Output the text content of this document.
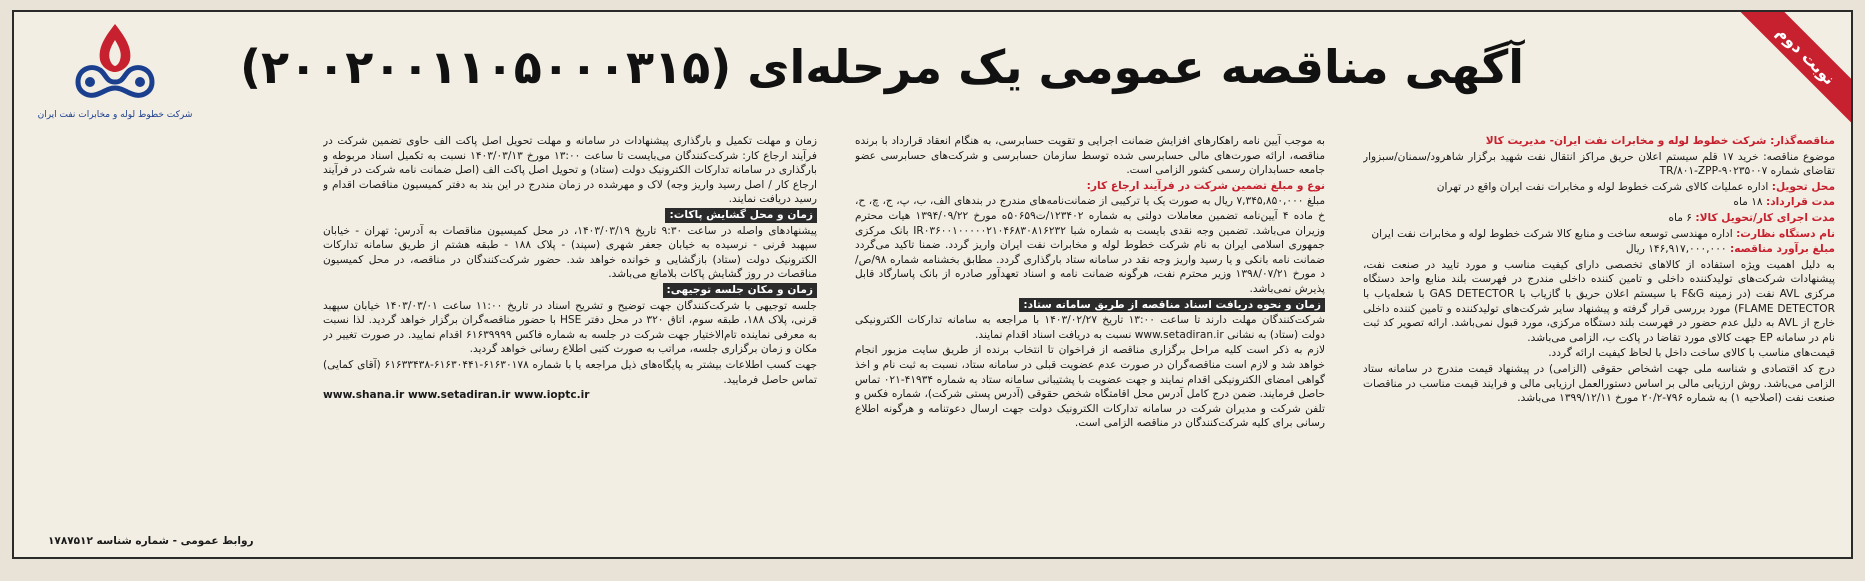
نوبت دوم
شرکت خطوط لوله و مخابرات نفت ایران
آگهی مناقصه عمومی یک مرحله‌ای (۲۰۰۲۰۰۱۱۰۵۰۰۰۳۱۵)

مناقصه‌گذار: شرکت خطوط لوله و مخابرات نفت ایران- مدیریت کالا

موضوع مناقصه: خرید ۱۷ قلم سیستم اعلان حریق مراکز انتقال نفت شهید برگزار شاهرود/سمنان/سبزوار تقاضای شماره ۹۰۲۳۵۰۰۷-TR/۸۰۱-ZPP

محل تحویل: اداره عملیات کالای شرکت خطوط لوله و مخابرات نفت ایران واقع در تهران

مدت قرارداد: ۱۸ ماه

مدت اجرای کار/تحویل کالا: ۶ ماه

نام دستگاه نظارت: اداره مهندسی توسعه ساخت و منابع کالا شرکت خطوط لوله و مخابرات نفت ایران

مبلغ برآورد مناقصه: ۱۴۶,۹۱۷,۰۰۰,۰۰۰ ریال

به دلیل اهمیت ویژه استفاده از کالاهای تخصصی دارای کیفیت مناسب و مورد تایید در صنعت نفت، پیشنهادات شرکت‌های تولیدکننده داخلی و تامین کننده داخلی مندرج در فهرست بلند منابع واحد دستگاه مرکزی AVL نفت (در زمینه F&G با سیستم اعلان حریق با گازیاب با GAS DETECTOR با شعله‌یاب با FLAME DETECTOR) مورد بررسی قرار گرفته و پیشنهاد سایر شرکت‌های تولیدکننده و تامین کننده داخلی خارج از AVL به دلیل عدم حضور در فهرست بلند دستگاه مرکزی، مورد قبول نمی‌باشد. ارائه تصویر کد ثبت نام در سامانه EP جهت کالای مورد تقاضا در پاکت ب، الزامی می‌باشد.

قیمت‌های مناسب با کالای ساخت داخل با لحاظ کیفیت ارائه گردد.

درج کد اقتصادی و شناسه ملی جهت اشخاص حقوقی (الزامی) در پیشنهاد قیمت مندرج در سامانه ستاد الزامی می‌باشد. روش ارزیابی مالی بر اساس دستورالعمل ارزیابی مالی و فرایند قیمت مناسب در مناقصات صنعت نفت (اصلاحیه ۱) به شماره ۷۹۶-۲۰/۲ مورخ ۱۳۹۹/۱۲/۱۱ می‌باشد.

به موجب آیین نامه راهکارهای افزایش ضمانت اجرایی و تقویت حسابرسی، به هنگام انعقاد قرارداد با برنده مناقصه، ارائه صورت‌های مالی حسابرسی شده توسط سازمان حسابرسی و شرکت‌های حسابرسی عضو جامعه حسابداران رسمی کشور الزامی است.

نوع و مبلغ تضمین شرکت در فرآیند ارجاع کار:

مبلغ ۷,۳۴۵,۸۵۰,۰۰۰ ریال به صورت یک یا ترکیبی از ضمانت‌نامه‌های مندرج در بندهای الف، ب، پ، ج، چ، ح، خ ماده ۴ آیین‌نامه تضمین معاملات دولتی به شماره ۱۲۳۴۰۲/ت۵۰۶۵۹ه مورخ ۱۳۹۴/۰۹/۲۲ هیات محترم وزیران می‌باشد. تضمین وجه نقدی بایست به شماره شبا IR۰۳۶۰۰۱۰۰۰۰۰۲۱۰۴۶۸۳۰۸۱۶۲۳۲ بانک مرکزی جمهوری اسلامی ایران به نام شرکت خطوط لوله و مخابرات نفت ایران واریز گردد. ضمنا تاکید می‌گردد ضمانت نامه بانکی و یا رسید واریز وجه نقد در سامانه ستاد بارگذاری گردد. مطابق بخشنامه شماره ۹۸/ص/د مورخ ۱۳۹۸/۰۷/۲۱ وزیر محترم نفت، هرگونه ضمانت نامه و اسناد تعهدآور صادره از بانک پاسارگاد قابل پذیرش نمی‌باشد.

زمان و نحوه دریافت اسناد مناقصه از طریق سامانه ستاد:

شرکت‌کنندگان مهلت دارند تا ساعت ۱۳:۰۰ تاریخ ۱۴۰۳/۰۲/۲۷ با مراجعه به سامانه تدارکات الکترونیکی دولت (ستاد) به نشانی www.setadiran.ir نسبت به دریافت اسناد اقدام نمایند.

لازم به ذکر است کلیه مراحل برگزاری مناقصه از فراخوان تا انتخاب برنده از طریق سایت مزبور انجام خواهد شد و لازم است مناقصه‌گران در صورت عدم عضویت قبلی در سامانه ستاد، نسبت به ثبت نام و اخذ گواهی امضای الکترونیکی اقدام نمایند و جهت عضویت با پشتیبانی سامانه ستاد به شماره ۴۱۹۳۴-۰۲۱ تماس حاصل فرمایند. ضمن درج کامل آدرس محل اقامتگاه شخص حقوقی (آدرس پستی شرکت)، شماره فکس و تلفن شرکت و مدیران شرکت در سامانه تدارکات الکترونیک دولت جهت ارسال دعوتنامه و هرگونه اطلاع رسانی برای کلیه شرکت‌کنندگان در مناقصه الزامی است.

زمان و مهلت تکمیل و بارگذاری پیشنهادات در سامانه و مهلت تحویل اصل پاکت الف حاوی تضمین شرکت در فرآیند ارجاع کار: شرکت‌کنندگان می‌بایست تا ساعت ۱۳:۰۰ مورخ ۱۴۰۳/۰۳/۱۳ نسبت به تکمیل اسناد مربوطه و بارگذاری در سامانه تدارکات الکترونیک دولت (ستاد) و تحویل اصل پاکت الف (اصل ضمانت نامه شرکت در فرآیند ارجاع کار / اصل رسید واریز وجه) لاک و مهرشده در زمان مندرج در این بند به دفتر کمیسیون مناقصات اقدام و رسید دریافت نمایند.

زمان و محل گشایش پاکات:

پیشنهادهای واصله در ساعت ۹:۳۰ تاریخ ۱۴۰۳/۰۳/۱۹، در محل کمیسیون مناقصات به آدرس: تهران - خیابان سپهبد قرنی - نرسیده به خیابان جعفر شهری (سپند) - پلاک ۱۸۸ - طبقه هشتم از طریق سامانه تدارکات الکترونیک دولت (ستاد) بازگشایی و خوانده خواهد شد. حضور شرکت‌کنندگان در مناقصه، در محل کمیسیون مناقصات در روز گشایش پاکات بلامانع می‌باشد.

زمان و مکان جلسه توجیهی:

جلسه توجیهی با شرکت‌کنندگان جهت توضیح و تشریح اسناد در تاریخ ۱۱:۰۰ ساعت ۱۴۰۳/۰۳/۰۱ خیابان سپهبد قرنی، پلاک ۱۸۸، طبقه سوم، اتاق ۳۲۰ در محل دفتر HSE با حضور مناقصه‌گران برگزار خواهد گردید. لذا نسبت به معرفی نماینده تام‌الاختیار جهت شرکت در جلسه به شماره فاکس ۶۱۶۳۹۹۹۹ اقدام نمایید. در صورت تغییر در مکان و زمان برگزاری جلسه، مراتب به صورت کتبی اطلاع رسانی خواهد گردید.

جهت کسب اطلاعات بیشتر به پایگاه‌های ذیل مراجعه یا با شماره ۶۱۶۳۰۱۷۸-۶۱۶۳۰۴۴۱-۶۱۶۳۳۴۳۸ (آقای کمایی) تماس حاصل فرمایید.

www.shana.ir www.setadiran.ir www.ioptc.ir

روابط عمومی - شماره شناسه ۱۷۸۷۵۱۲
